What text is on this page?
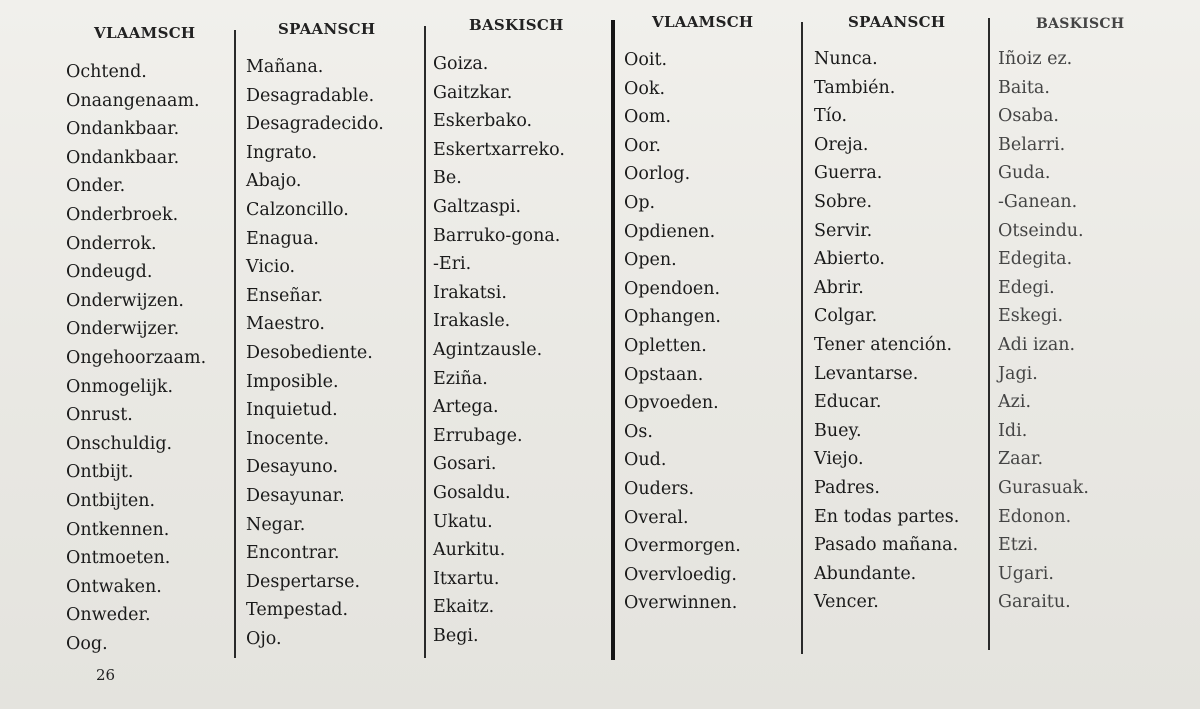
VLAAMSCH
Ochtend.
Onaangenaam.
Ondankbaar.
Ondankbaar.
Onder.
Onderbroek.
Onderrok.
Ondeugd.
Onderwijzen.
Onderwijzer.
Ongehoorzaam.
Onmogelijk.
Onrust.
Onschuldig.
Ontbijt.
Ontbijten.
Ontkennen.
Ontmoeten.
Ontwaken.
Onweder.
Oog.
SPAANSCH
Mañana.
Desagradable.
Desagradecido.
Ingrato.
Abajo.
Calzoncillo.
Enagua.
Vicio.
Enseñar.
Maestro.
Desobediente.
Imposible.
Inquietud.
Inocente.
Desayuno.
Desayunar.
Negar.
Encontrar.
Despertarse.
Tempestad.
Ojo.
BASKISCH
Goiza.
Gaitzkar.
Eskerbako.
Eskertxarreko.
Be.
Galtzaspi.
Barruko-gona.
-Eri.
Irakatsi.
Irakasle.
Agintzausle.
Eziña.
Artega.
Errubage.
Gosari.
Gosaldu.
Ukatu.
Aurkitu.
Itxartu.
Ekaitz.
Begi.
VLAAMSCH
Ooit.
Ook.
Oom.
Oor.
Oorlog.
Op.
Opdienen.
Open.
Opendoen.
Ophangen.
Opletten.
Opstaan.
Opvoeden.
Os.
Oud.
Ouders.
Overal.
Overmorgen.
Overvloedig.
Overwinnen.
SPAANSCH
Nunca.
También.
Tío.
Oreja.
Guerra.
Sobre.
Servir.
Abierto.
Abrir.
Colgar.
Tener atención.
Levantarse.
Educar.
Buey.
Viejo.
Padres.
En todas partes.
Pasado mañana.
Abundante.
Vencer.
BASKISCH
Iñoiz ez.
Baita.
Osaba.
Belarri.
Guda.
-Ganean.
Otseindu.
Edegita.
Edegi.
Eskegi.
Adi izan.
Jagi.
Azi.
Idi.
Zaar.
Gurasuak.
Edonon.
Etzi.
Ugari.
Garaitu.
26
